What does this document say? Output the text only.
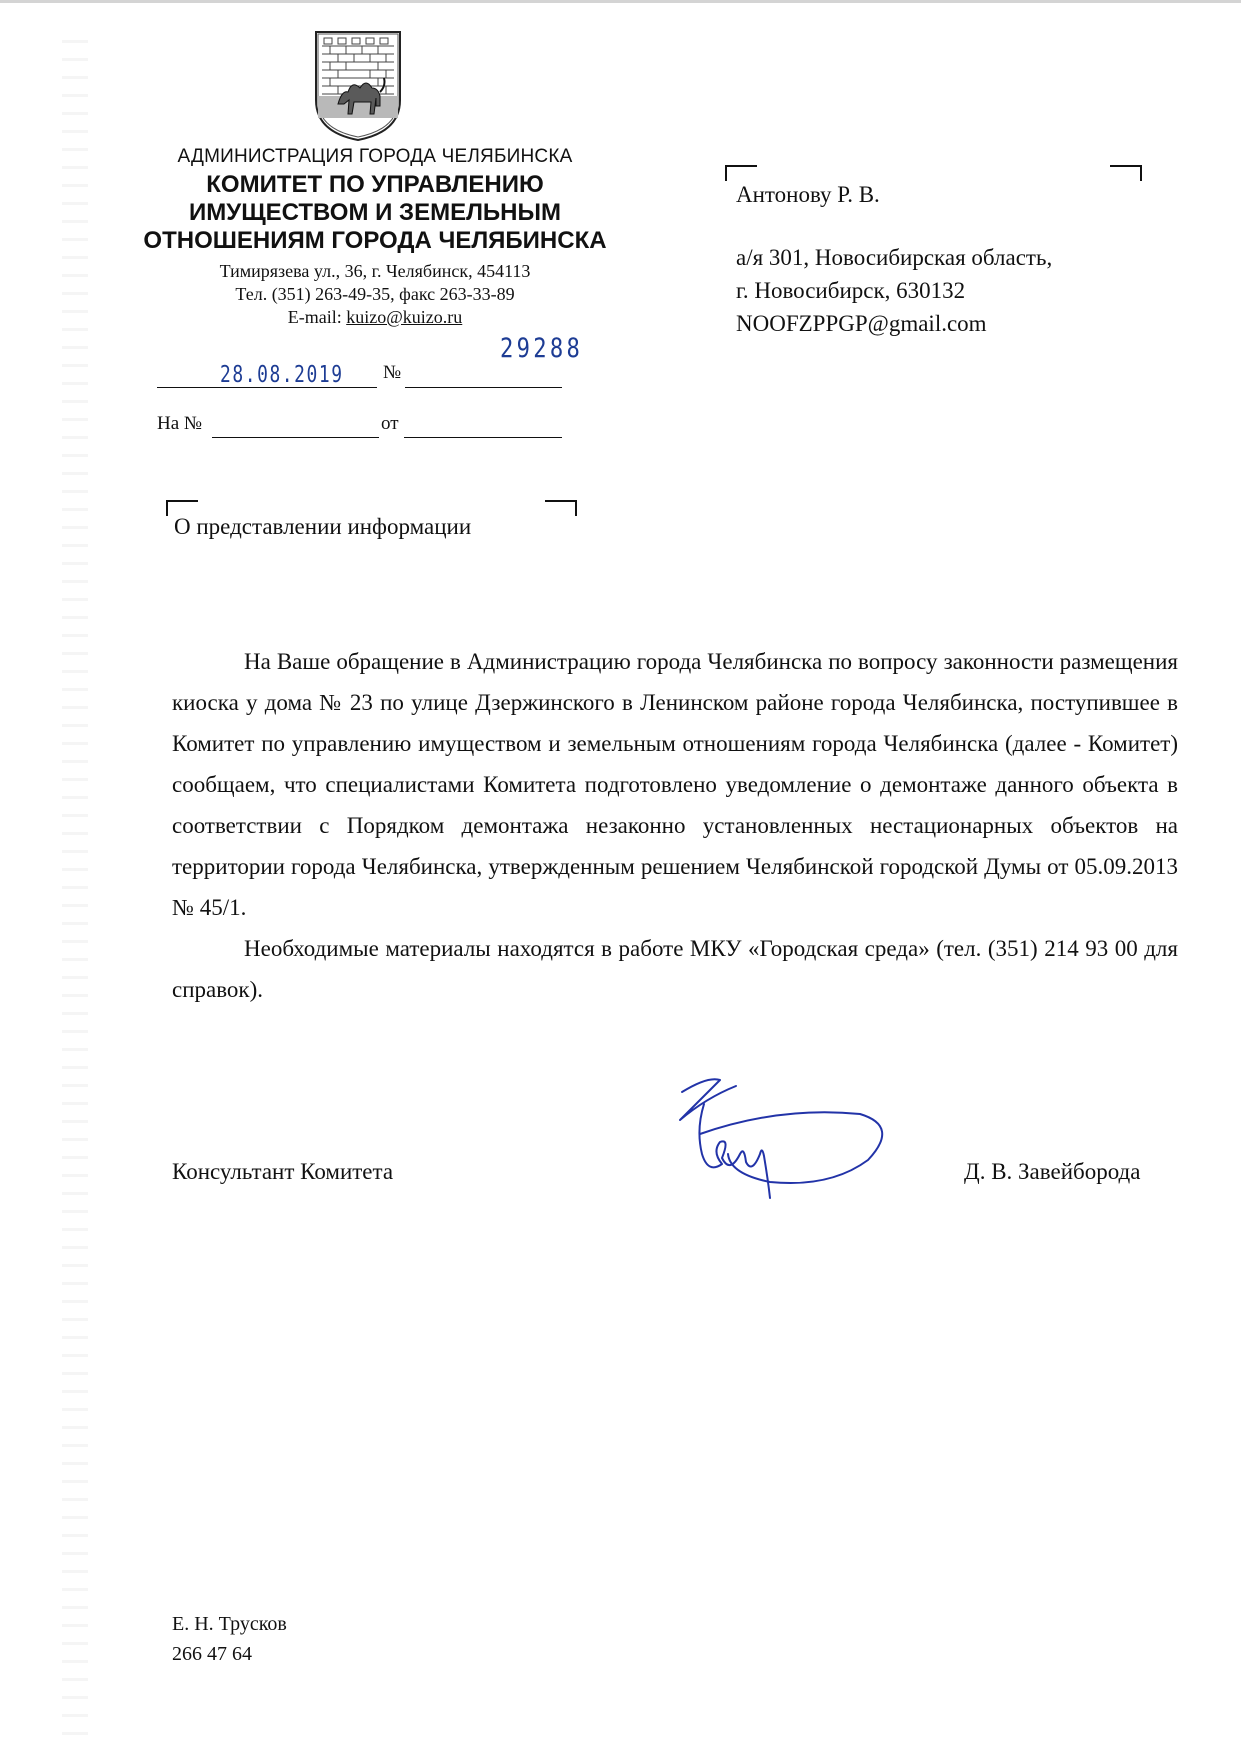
АДМИНИСТРАЦИЯ ГОРОДА ЧЕЛЯБИНСКА
КОМИТЕТ ПО УПРАВЛЕНИЮ
ИМУЩЕСТВОМ И ЗЕМЕЛЬНЫМ
ОТНОШЕНИЯМ ГОРОДА ЧЕЛЯБИНСКА
Тимирязева ул., 36, г. Челябинск, 454113
Тел. (351) 263-49-35, факс 263-33-89
E-mail: kuizo@kuizo.ru
№
28.08.2019
29288
На №	от
Антонову Р. В.
а/я 301, Новосибирская область,
г. Новосибирск, 630132
NOOFZPPGP@gmail.com
О представлении информации

На Ваше обращение в Администрацию города Челябинска по вопросу законности размещения киоска у дома № 23 по улице Дзержинского в Ленинском районе города Челябинска, поступившее в Комитет по управлению имуществом и земельным отношениям города Челябинска (далее - Комитет) сообщаем, что специалистами Комитета подготовлено уведомление о демонтаже данного объекта в соответствии с Порядком демонтажа незаконно установленных нестационарных объектов на территории города Челябинска, утвержденным решением Челябинской городской Думы от 05.09.2013 № 45/1.

Необходимые материалы находятся в работе МКУ «Городская среда» (тел. (351) 214 93 00 для справок).

Консультант Комитета	Д. В. Завейборода
Е. Н. Трусков
266 47 64
